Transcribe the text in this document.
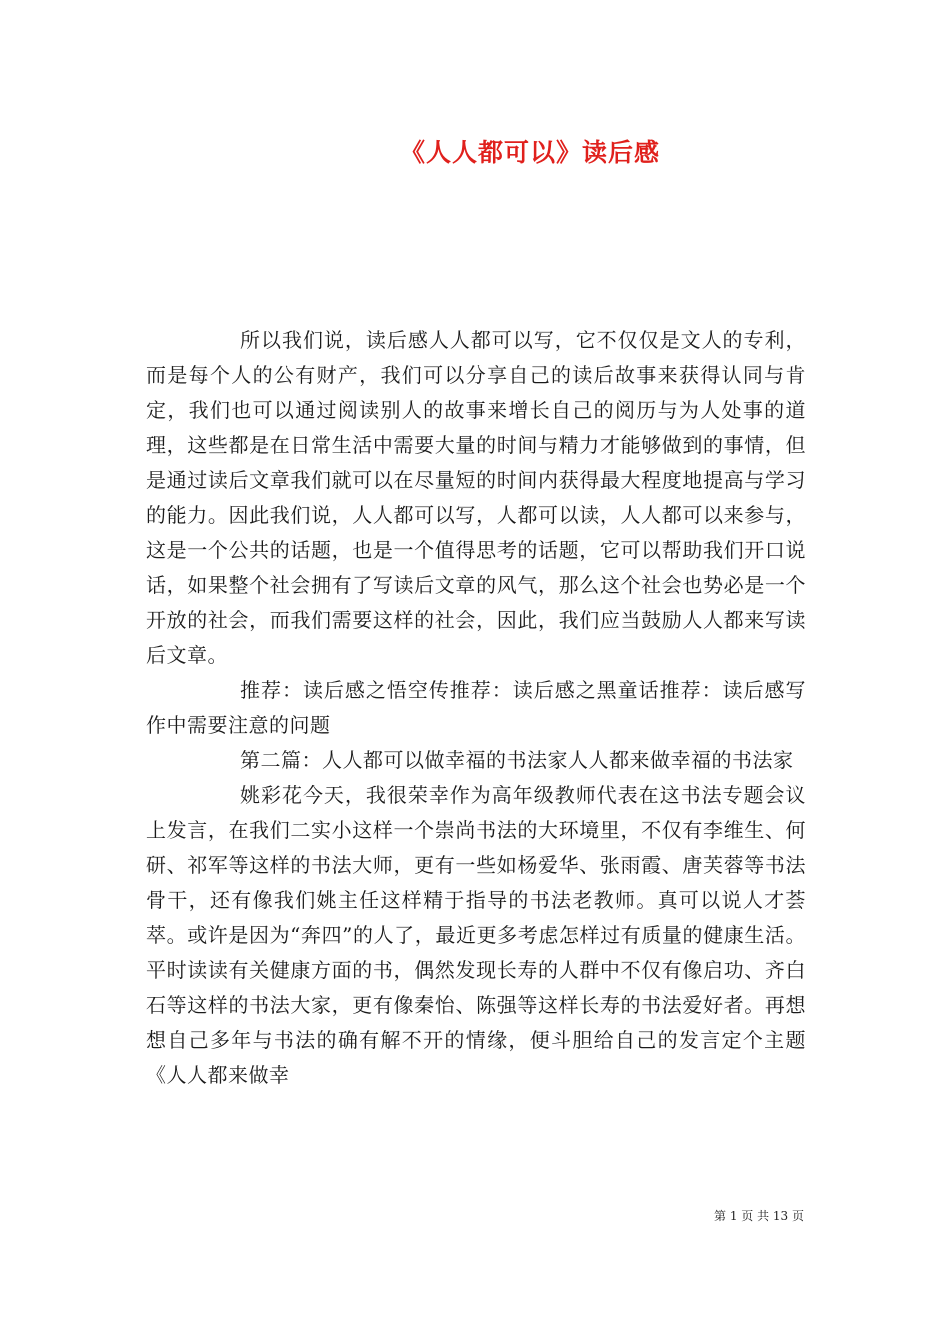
《人人都可以》读后感

所以我们说，读后感人人都可以写，它不仅仅是文人的专利，而是每个人的公有财产，我们可以分享自己的读后故事来获得认同与肯定，我们也可以通过阅读别人的故事来增长自己的阅历与为人处事的道理，这些都是在日常生活中需要大量的时间与精力才能够做到的事情，但是通过读后文章我们就可以在尽量短的时间内获得最大程度地提高与学习的能力。因此我们说，人人都可以写，人都可以读，人人都可以来参与，这是一个公共的话题，也是一个值得思考的话题，它可以帮助我们开口说话，如果整个社会拥有了写读后文章的风气，那么这个社会也势必是一个开放的社会，而我们需要这样的社会，因此，我们应当鼓励人人都来写读后文章。

推荐：读后感之悟空传推荐：读后感之黑童话推荐：读后感写作中需要注意的问题

第二篇：人人都可以做幸福的书法家人人都来做幸福的书法家

姚彩花今天，我很荣幸作为高年级教师代表在这书法专题会议上发言，在我们二实小这样一个崇尚书法的大环境里，不仅有李维生、何研、祁军等这样的书法大师，更有一些如杨爱华、张雨霞、唐芙蓉等书法骨干，还有像我们姚主任这样精于指导的书法老教师。真可以说人才荟萃。或许是因为“奔四”的人了，最近更多考虑怎样过有质量的健康生活。平时读读有关健康方面的书，偶然发现长寿的人群中不仅有像启功、齐白石等这样的书法大家，更有像秦怡、陈强等这样长寿的书法爱好者。再想想自己多年与书法的确有解不开的情缘，便斗胆给自己的发言定个主题《人人都来做幸

第 1 页 共 13 页
